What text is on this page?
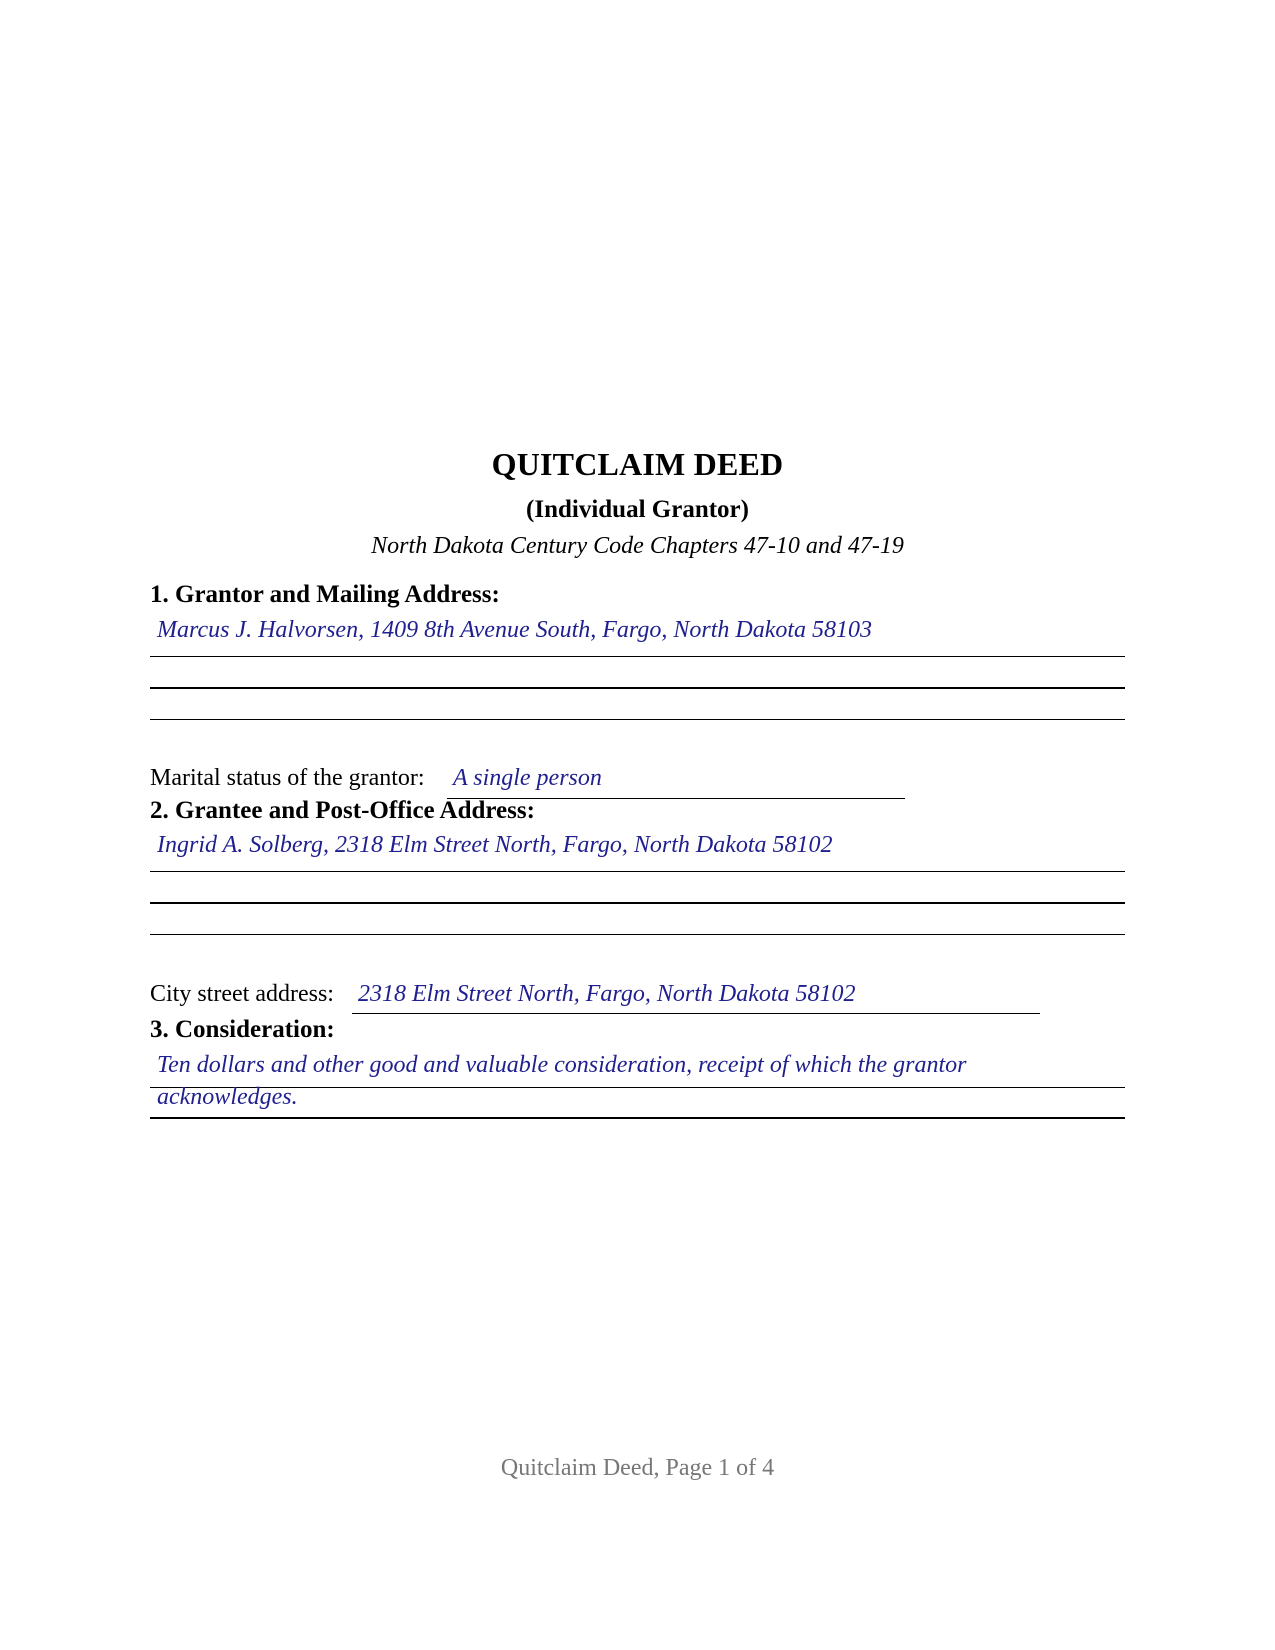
QUITCLAIM DEED
(Individual Grantor)
North Dakota Century Code Chapters 47-10 and 47-19
1. Grantor and Mailing Address:
Marcus J. Halvorsen, 1409 8th Avenue South, Fargo, North Dakota 58103
Marital status of the grantor: A single person
2. Grantee and Post-Office Address:
Ingrid A. Solberg, 2318 Elm Street North, Fargo, North Dakota 58102
City street address: 2318 Elm Street North, Fargo, North Dakota 58102
3. Consideration:
Ten dollars and other good and valuable consideration, receipt of which the grantor
acknowledges.
Quitclaim Deed, Page 1 of 4
